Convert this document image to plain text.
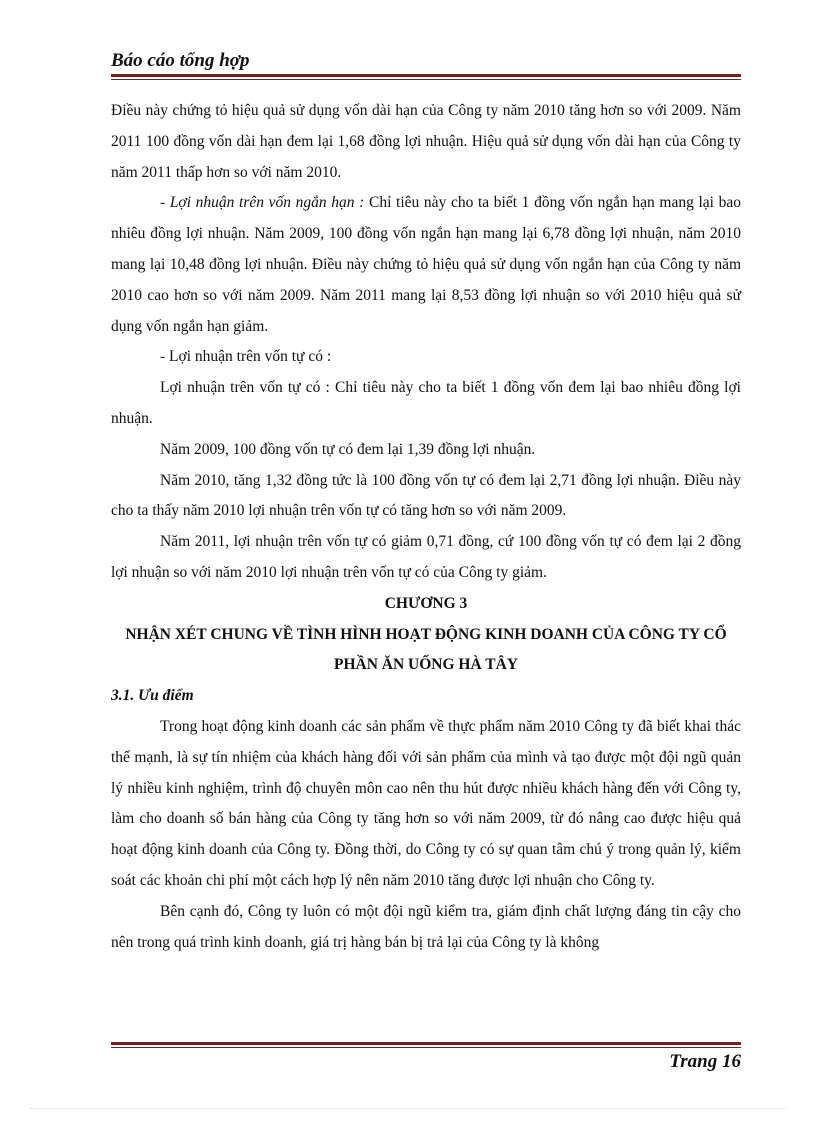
Báo cáo tổng hợp

Điều này chứng tỏ hiệu quả sử dụng vốn dài hạn của Công ty năm 2010 tăng hơn so với 2009. Năm 2011 100 đồng vốn dài hạn đem lại 1,68 đồng lợi nhuận. Hiệu quả sử dụng vốn dài hạn của Công ty năm 2011 thấp hơn so với năm 2010.

- Lợi nhuận trên vốn ngắn hạn : Chỉ tiêu này cho ta biết 1 đồng vốn ngắn hạn mang lại bao nhiêu đồng lợi nhuận. Năm 2009, 100 đồng vốn ngắn hạn mang lại 6,78 đồng lợi nhuận, năm 2010 mang lại 10,48 đồng lợi nhuận. Điều này chứng tỏ hiệu quả sử dụng vốn ngắn hạn của Công ty năm 2010 cao hơn so với năm 2009. Năm 2011 mang lại 8,53 đồng lợi nhuận so với 2010 hiệu quả sử dụng vốn ngắn hạn giảm.

- Lợi nhuận trên vốn tự có :

Lợi nhuận trên vốn tự có : Chỉ tiêu này cho ta biết 1 đồng vốn đem lại bao nhiêu đồng lợi nhuận.

Năm 2009, 100 đồng vốn tự có đem lại 1,39 đồng lợi nhuận.

Năm 2010, tăng 1,32 đồng tức là 100 đồng vốn tự có đem lại 2,71 đồng lợi nhuận. Điều này cho ta thấy năm 2010 lợi nhuận trên vốn tự có tăng hơn so với năm 2009.

Năm 2011, lợi nhuận trên vốn tự có giảm 0,71 đồng, cứ 100 đồng vốn tự có đem lại 2 đồng lợi nhuận so với năm 2010 lợi nhuận trên vốn tự có của Công ty giảm.

CHƯƠNG 3

NHẬN XÉT CHUNG VỀ TÌNH HÌNH HOẠT ĐỘNG KINH DOANH CỦA CÔNG TY CỔ PHẦN ĂN UỐNG HÀ TÂY

3.1. Ưu điểm

Trong hoạt động kinh doanh các sản phẩm về thực phẩm năm 2010 Công ty đã biết khai thác thế mạnh, là sự tín nhiệm của khách hàng đối với sản phẩm của mình và tạo được một đội ngũ quản lý nhiều kinh nghiệm, trình độ chuyên môn cao nên thu hút được nhiều khách hàng đến với Công ty, làm cho doanh số bán hàng của Công ty tăng hơn so với năm 2009, từ đó nâng cao được hiệu quả hoạt động kinh doanh của Công ty. Đồng thời, do Công ty có sự quan tâm chú ý trong quản lý, kiểm soát các khoản chi phí một cách hợp lý nên năm 2010 tăng được lợi nhuận cho Công ty.

Bên cạnh đó, Công ty luôn có một đội ngũ kiểm tra, giám định chất lượng đáng tin cậy cho nên trong quá trình kinh doanh, giá trị hàng bán bị trả lại của Công ty là không

Trang 16
